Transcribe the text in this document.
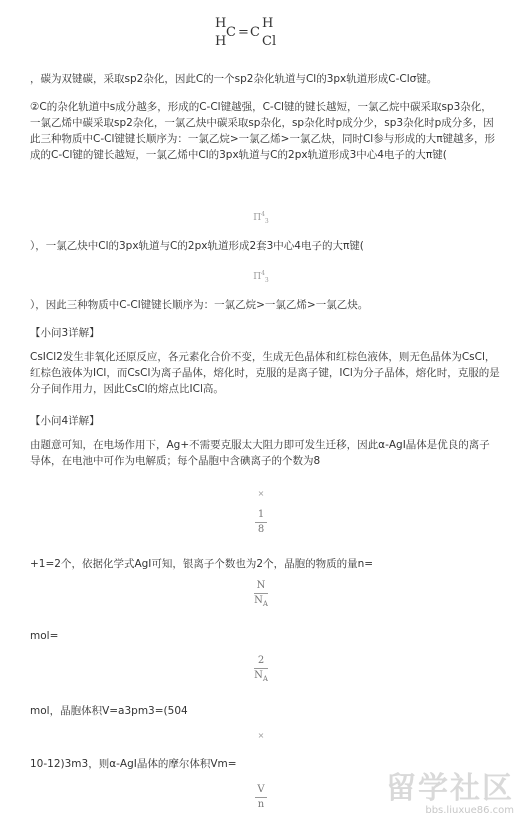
H
H
C = C
H
Cl

，碳为双键碳，采取sp2杂化，因此C的一个sp2杂化轨道与Cl的3px轨道形成C-Clσ键。

②C的杂化轨道中s成分越多，形成的C-Cl键越强，C-Cl键的键长越短，一氯乙烷中碳采取sp3杂化，一氯乙烯中碳采取sp2杂化，一氯乙炔中碳采取sp杂化，sp杂化时p成分少，sp3杂化时p成分多，因此三种物质中C-Cl键键长顺序为：一氯乙烷>一氯乙烯>一氯乙炔，同时Cl参与形成的大π键越多，形成的C-Cl键的键长越短，一氯乙烯中Cl的3px轨道与C的2px轨道形成3中心4电子的大π键(

$\Pi^4_3$

），一氯乙炔中Cl的3px轨道与C的2px轨道形成2套3中心4电子的大π键(

$\Pi^4_3$

），因此三种物质中C-Cl键键长顺序为：一氯乙烷>一氯乙烯>一氯乙炔。

【小问3详解】

CsICl2发生非氧化还原反应，各元素化合价不变，生成无色晶体和红棕色液体，则无色晶体为CsCl，红棕色液体为ICl，而CsCl为离子晶体，熔化时，克服的是离子键，ICl为分子晶体，熔化时，克服的是分子间作用力，因此CsCl的熔点比ICl高。

【小问4详解】

由题意可知，在电场作用下，Ag+不需要克服太大阻力即可发生迁移，因此α-AgI晶体是优良的离子导体，在电池中可作为电解质；每个晶胞中含碘离子的个数为8

×
$\frac{1}{8}$

+1=2个，依据化学式AgI可知，银离子个数也为2个，晶胞的物质的量n=

$\frac{N}{N_A}$

mol=

$\frac{2}{N_A}$

mol，晶胞体积V=a3pm3=(504

×

10-12)3m3，则α-AgI晶体的摩尔体积Vm=

$\frac{V}{n}$	留学社区
bbs.liuxue86.com
